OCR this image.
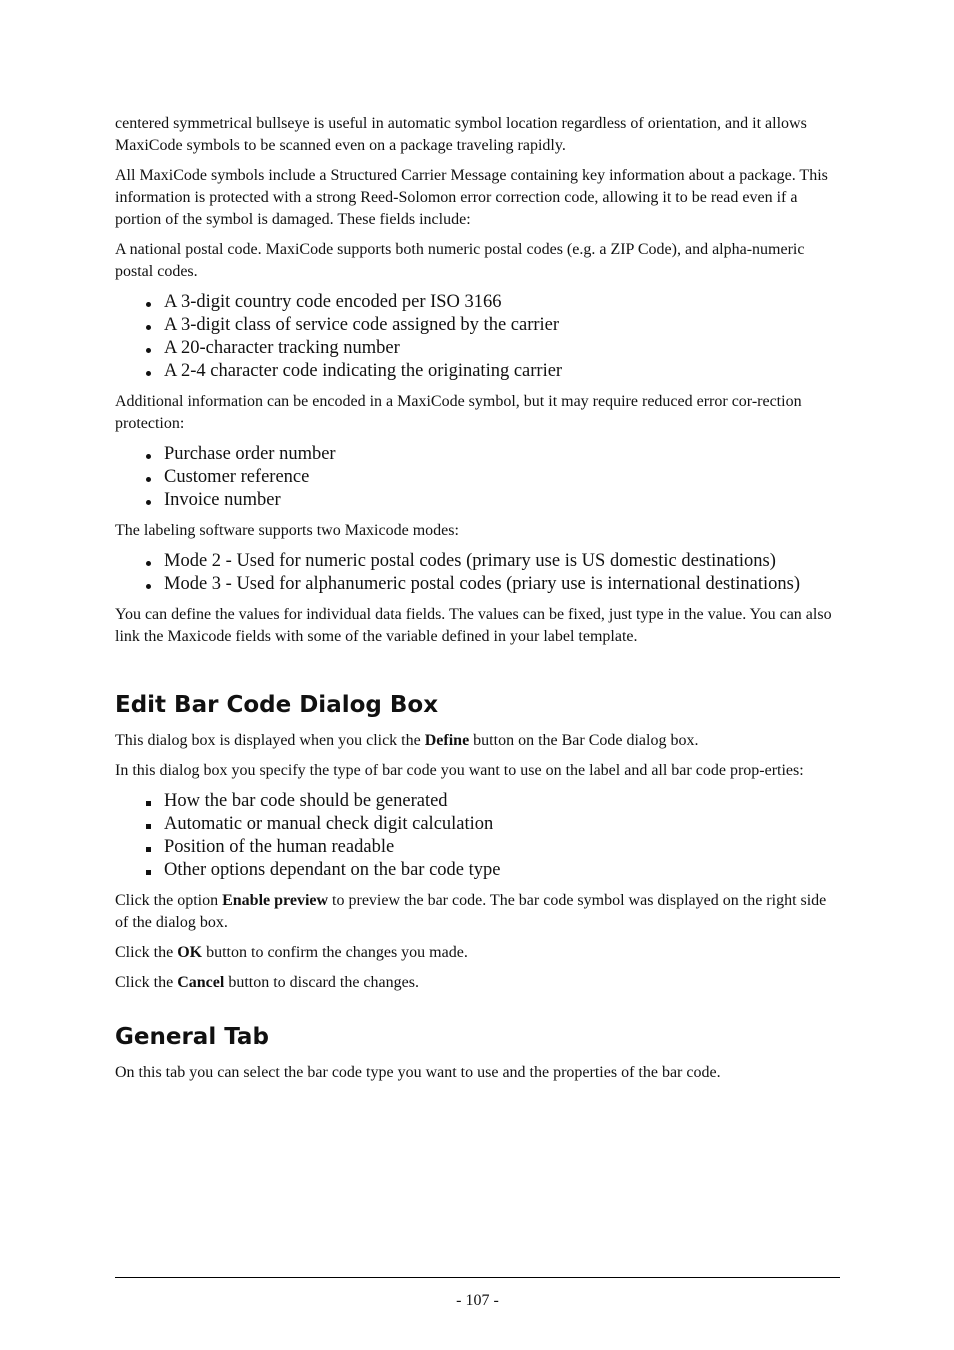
centered symmetrical bullseye is useful in automatic symbol location regardless of orientation, and it allows MaxiCode symbols to be scanned even on a package traveling rapidly.

All MaxiCode symbols include a Structured Carrier Message containing key information about a package. This information is protected with a strong Reed-Solomon error correction code, allowing it to be read even if a portion of the symbol is damaged. These fields include:

A national postal code. MaxiCode supports both numeric postal codes (e.g. a ZIP Code), and alpha-numeric postal codes.

A 3-digit country code encoded per ISO 3166
A 3-digit class of service code assigned by the carrier
A 20-character tracking number
A 2-4 character code indicating the originating carrier

Additional information can be encoded in a MaxiCode symbol, but it may require reduced error cor-rection protection:

Purchase order number
Customer reference
Invoice number

The labeling software supports two Maxicode modes:

Mode 2 - Used for numeric postal codes (primary use is US domestic destinations)
Mode 3 - Used for alphanumeric postal codes (priary use is international destinations)

You can define the values for individual data fields. The values can be fixed, just type in the value. You can also link the Maxicode fields with some of the variable defined in your label template.

Edit Bar Code Dialog Box

This dialog box is displayed when you click the Define button on the Bar Code dialog box.

In this dialog box you specify the type of bar code you want to use on the label and all bar code prop-erties:

How the bar code should be generated
Automatic or manual check digit calculation
Position of the human readable
Other options dependant on the bar code type

Click the option Enable preview to preview the bar code. The bar code symbol was displayed on the right side of the dialog box.

Click the OK button to confirm the changes you made.

Click the Cancel button to discard the changes.

General Tab

On this tab you can select the bar code type you want to use and the properties of the bar code.

- 107 -
